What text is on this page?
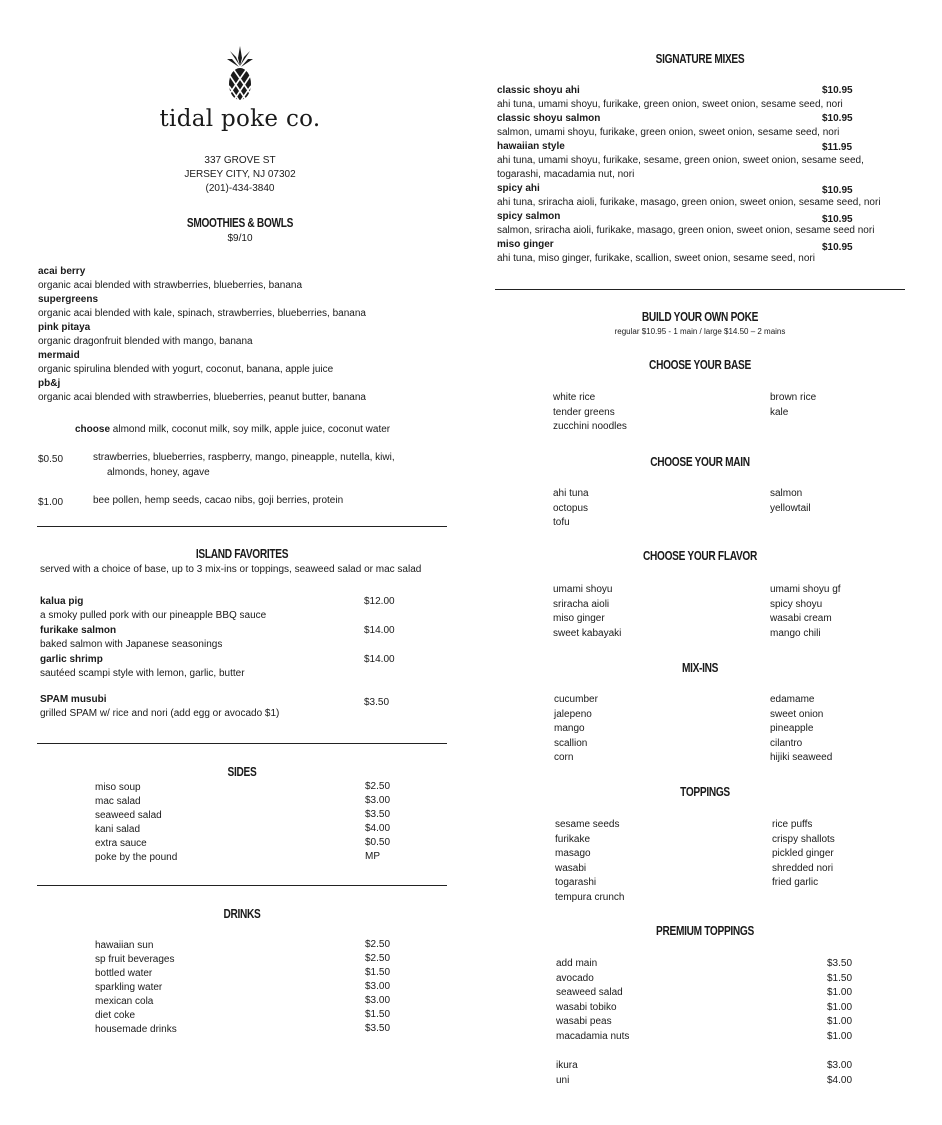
tidal poke co.
337 GROVE ST
JERSEY CITY, NJ 07302
(201)-434-3840
SMOOTHIES & BOWLS
$9/10
acai berry
organic acai blended with strawberries, blueberries, banana
supergreens
organic acai blended with kale, spinach, strawberries, blueberries, banana
pink pitaya
organic dragonfruit blended with mango, banana
mermaid
organic spirulina blended with yogurt, coconut, banana, apple juice
pb&j
organic acai blended with strawberries, blueberries, peanut butter, banana
choose almond milk, coconut milk, soy milk, apple juice, coconut water
$0.50	strawberries, blueberries, raspberry, mango, pineapple, nutella, kiwi,
almonds, honey, agave
$1.00	bee pollen, hemp seeds, cacao nibs, goji berries, protein
ISLAND FAVORITES
served with a choice of base, up to 3 mix-ins or toppings, seaweed salad or mac salad
kalua pig
a smoky pulled pork with our pineapple BBQ sauce
furikake salmon
baked salmon with Japanese seasonings
garlic shrimp
sautéed scampi style with lemon, garlic, butter
SPAM musubi
grilled SPAM w/ rice and nori (add egg or avocado $1)
$12.00
$14.00
$14.00
$3.50
SIDES
miso soup
mac salad
seaweed salad
kani salad
extra sauce
poke by the pound
$2.50
$3.00
$3.50
$4.00
$0.50
MP
DRINKS
hawaiian sun
sp fruit beverages
bottled water
sparkling water
mexican cola
diet coke
housemade drinks
$2.50
$2.50
$1.50
$3.00
$3.00
$1.50
$3.50
SIGNATURE MIXES
classic shoyu ahi
ahi tuna, umami shoyu, furikake, green onion, sweet onion, sesame seed, nori
classic shoyu salmon
salmon, umami shoyu, furikake, green onion, sweet onion, sesame seed, nori
hawaiian style
ahi tuna, umami shoyu, furikake, sesame, green onion, sweet onion, sesame seed,
togarashi, macadamia nut, nori
spicy ahi
ahi tuna, sriracha aioli, furikake, masago, green onion, sweet onion, sesame seed, nori
spicy salmon
salmon, sriracha aioli, furikake, masago, green onion, sweet onion, sesame seed nori
miso ginger
ahi tuna, miso ginger, furikake, scallion, sweet onion, sesame seed, nori
$10.95
$10.95
$11.95
$10.95
$10.95
$10.95
BUILD YOUR OWN POKE
regular $10.95 - 1 main / large $14.50 – 2 mains
CHOOSE YOUR BASE
white rice
tender greens
zucchini noodles
brown rice
kale
CHOOSE YOUR MAIN
ahi tuna
octopus
tofu
salmon
yellowtail
CHOOSE YOUR FLAVOR
umami shoyu
sriracha aioli
miso ginger
sweet kabayaki
umami shoyu gf
spicy shoyu
wasabi cream
mango chili
MIX-INS
cucumber
jalepeno
mango
scallion
corn
edamame
sweet onion
pineapple
cilantro
hijiki seaweed
TOPPINGS
sesame seeds
furikake
masago
wasabi
togarashi
tempura crunch
rice puffs
crispy shallots
pickled ginger
shredded nori
fried garlic
PREMIUM TOPPINGS
add main
avocado
seaweed salad
wasabi tobiko
wasabi peas
macadamia nuts
$3.50
$1.50
$1.00
$1.00
$1.00
$1.00
ikura
uni
$3.00
$4.00
